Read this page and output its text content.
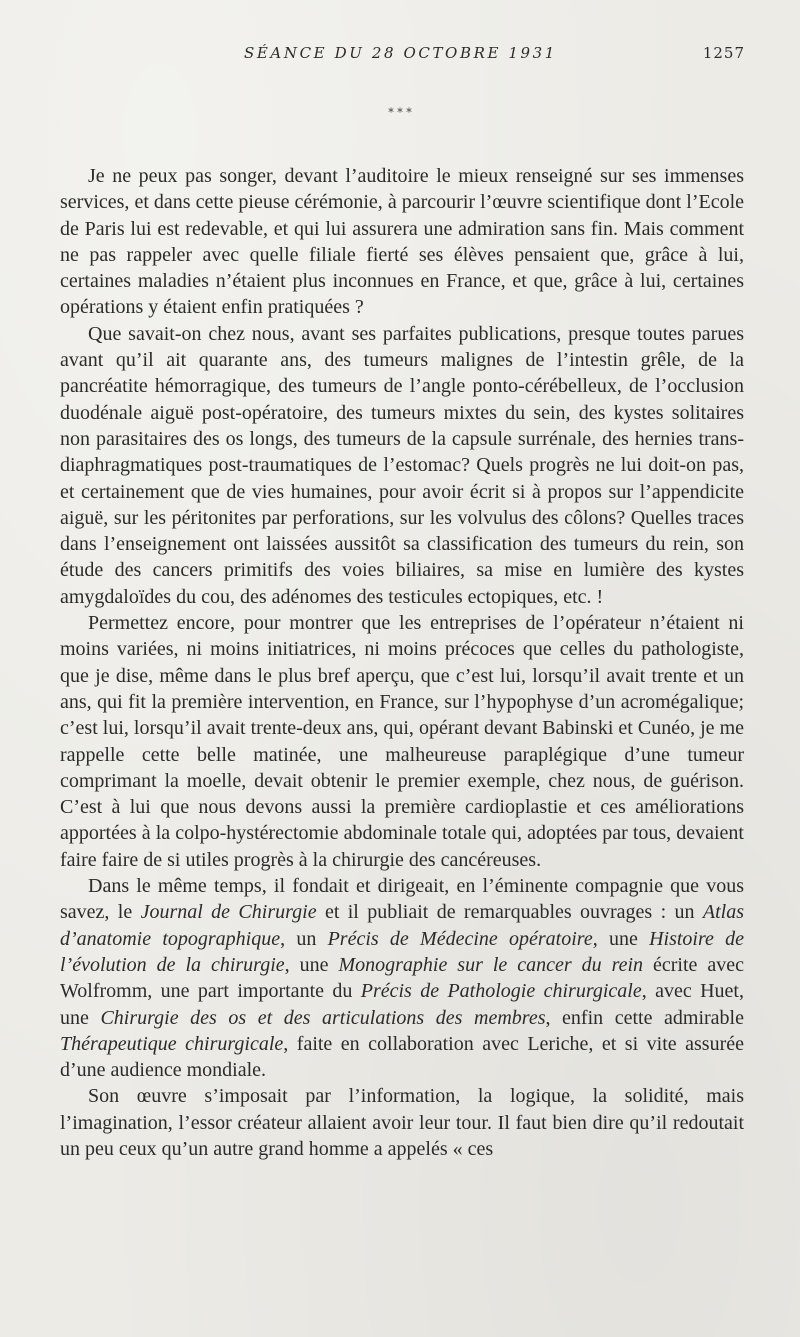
SÉANCE DU 28 OCTOBRE 1931	1257
* * *

Je ne peux pas songer, devant l’auditoire le mieux renseigné sur ses immenses services, et dans cette pieuse cérémonie, à parcourir l’œuvre scientifique dont l’Ecole de Paris lui est redevable, et qui lui assurera une admiration sans fin. Mais comment ne pas rappeler avec quelle filiale fierté ses élèves pensaient que, grâce à lui, certaines maladies n’étaient plus inconnues en France, et que, grâce à lui, certaines opérations y étaient enfin pratiquées ?

Que savait-on chez nous, avant ses parfaites publications, presque toutes parues avant qu’il ait quarante ans, des tumeurs malignes de l’intestin grêle, de la pancréatite hémorragique, des tumeurs de l’angle ponto-cérébelleux, de l’occlusion duodénale aiguë post-opératoire, des tumeurs mixtes du sein, des kystes solitaires non parasitaires des os longs, des tumeurs de la capsule surrénale, des hernies trans-diaphragmatiques post-traumatiques de l’estomac? Quels progrès ne lui doit-on pas, et certainement que de vies humaines, pour avoir écrit si à propos sur l’appendicite aiguë, sur les péritonites par perforations, sur les volvulus des côlons? Quelles traces dans l’enseignement ont laissées aussitôt sa classification des tumeurs du rein, son étude des cancers primitifs des voies biliaires, sa mise en lumière des kystes amygdaloïdes du cou, des adénomes des testicules ectopiques, etc. !

Permettez encore, pour montrer que les entreprises de l’opérateur n’étaient ni moins variées, ni moins initiatrices, ni moins précoces que celles du pathologiste, que je dise, même dans le plus bref aperçu, que c’est lui, lorsqu’il avait trente et un ans, qui fit la première intervention, en France, sur l’hypophyse d’un acromégalique; c’est lui, lorsqu’il avait trente-deux ans, qui, opérant devant Babinski et Cunéo, je me rappelle cette belle matinée, une malheureuse paraplégique d’une tumeur comprimant la moelle, devait obtenir le premier exemple, chez nous, de guérison. C’est à lui que nous devons aussi la première cardioplastie et ces améliorations apportées à la colpo-hystérectomie abdominale totale qui, adoptées par tous, devaient faire faire de si utiles progrès à la chirurgie des cancéreuses.

Dans le même temps, il fondait et dirigeait, en l’éminente compagnie que vous savez, le Journal de Chirurgie et il publiait de remarquables ouvrages : un Atlas d’anatomie topographique, un Précis de Médecine opératoire, une Histoire de l’évolution de la chirurgie, une Monographie sur le cancer du rein écrite avec Wolfromm, une part importante du Précis de Pathologie chirurgicale, avec Huet, une Chirurgie des os et des articulations des membres, enfin cette admirable Thérapeutique chirurgicale, faite en collaboration avec Leriche, et si vite assurée d’une audience mondiale.

Son œuvre s’imposait par l’information, la logique, la solidité, mais l’imagination, l’essor créateur allaient avoir leur tour. Il faut bien dire qu’il redoutait un peu ceux qu’un autre grand homme a appelés « ces
